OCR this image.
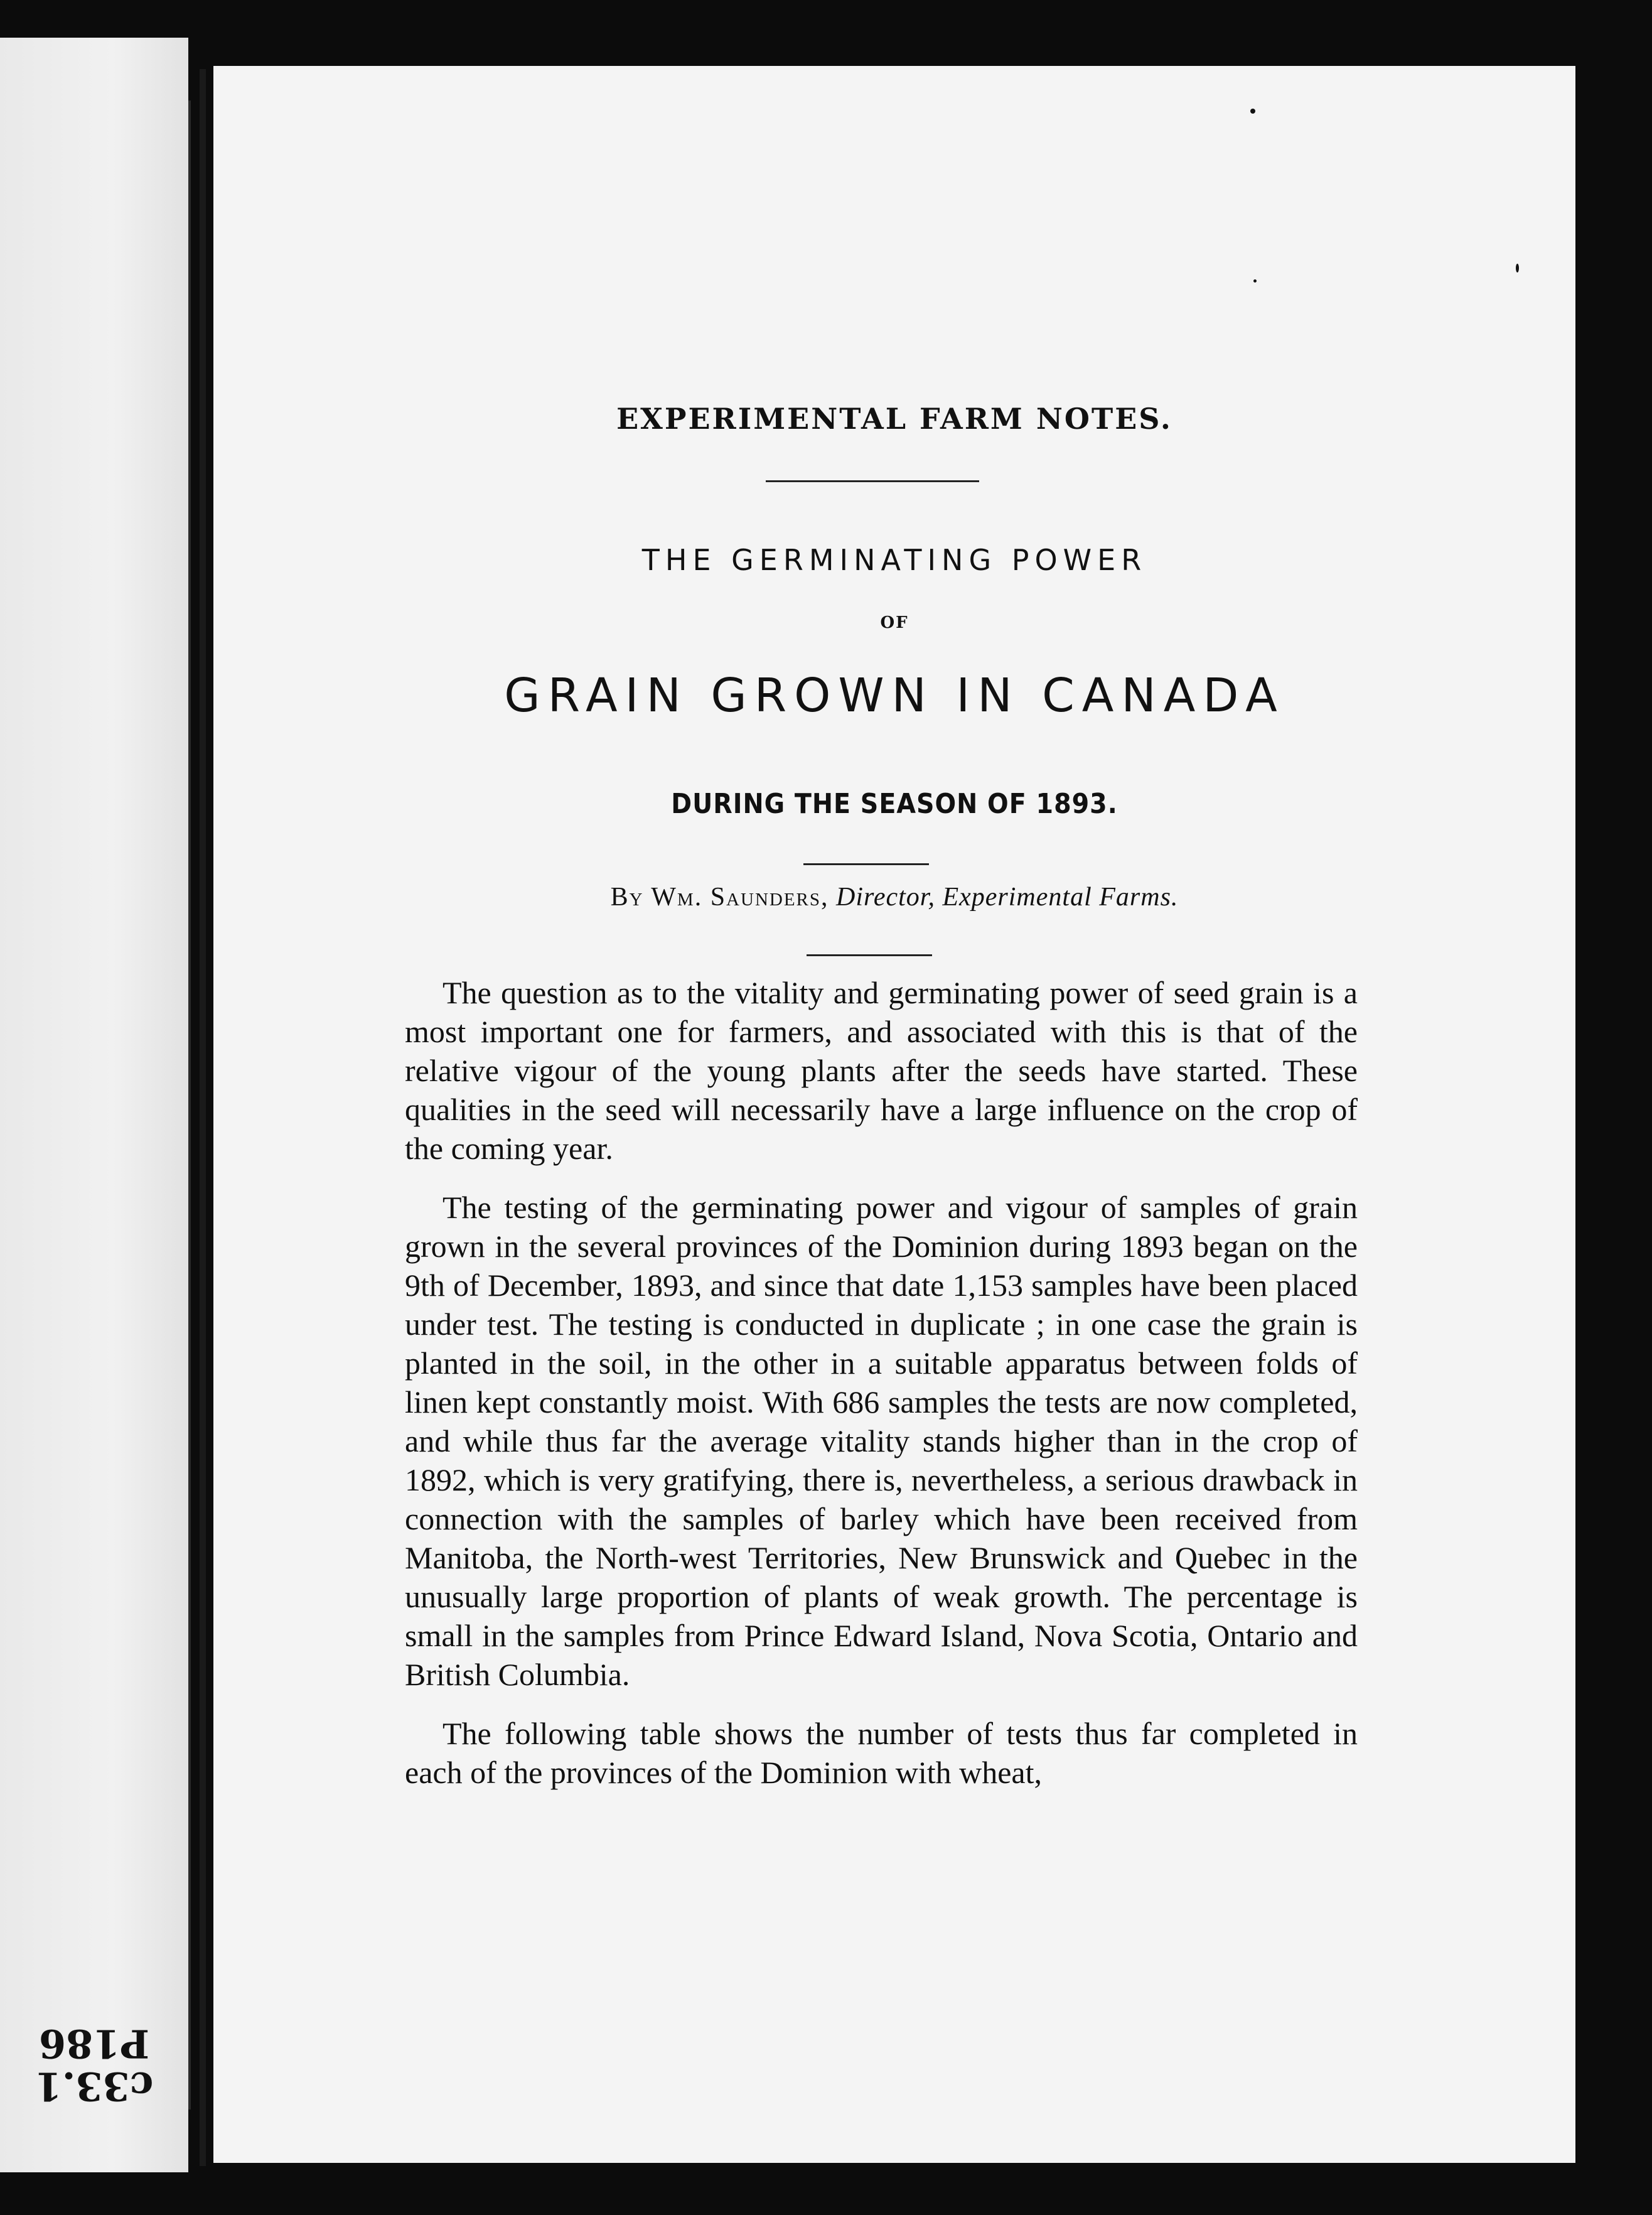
c33.1 P186
EXPERIMENTAL FARM NOTES.
THE GERMINATING POWER
OF
GRAIN GROWN IN CANADA
DURING THE SEASON OF 1893.
By Wm. Saunders, Director, Experimental Farms.

The question as to the vitality and germinating power of seed grain is a most important one for farmers, and associated with this is that of the relative vigour of the young plants after the seeds have started. These qualities in the seed will necessarily have a large influence on the crop of the coming year.

The testing of the germinating power and vigour of samples of grain grown in the several provinces of the Dominion during 1893 began on the 9th of December, 1893, and since that date 1,153 samples have been placed under test. The testing is conducted in duplicate ; in one case the grain is planted in the soil, in the other in a suitable apparatus between folds of linen kept constantly moist. With 686 samples the tests are now completed, and while thus far the average vitality stands higher than in the crop of 1892, which is very gratifying, there is, nevertheless, a serious drawback in connection with the samples of barley which have been received from Manitoba, the North-west Territories, New Brunswick and Quebec in the unusually large proportion of plants of weak growth. The percentage is small in the samples from Prince Edward Island, Nova Scotia, Ontario and British Columbia.

The following table shows the number of tests thus far completed in each of the provinces of the Dominion with wheat,
